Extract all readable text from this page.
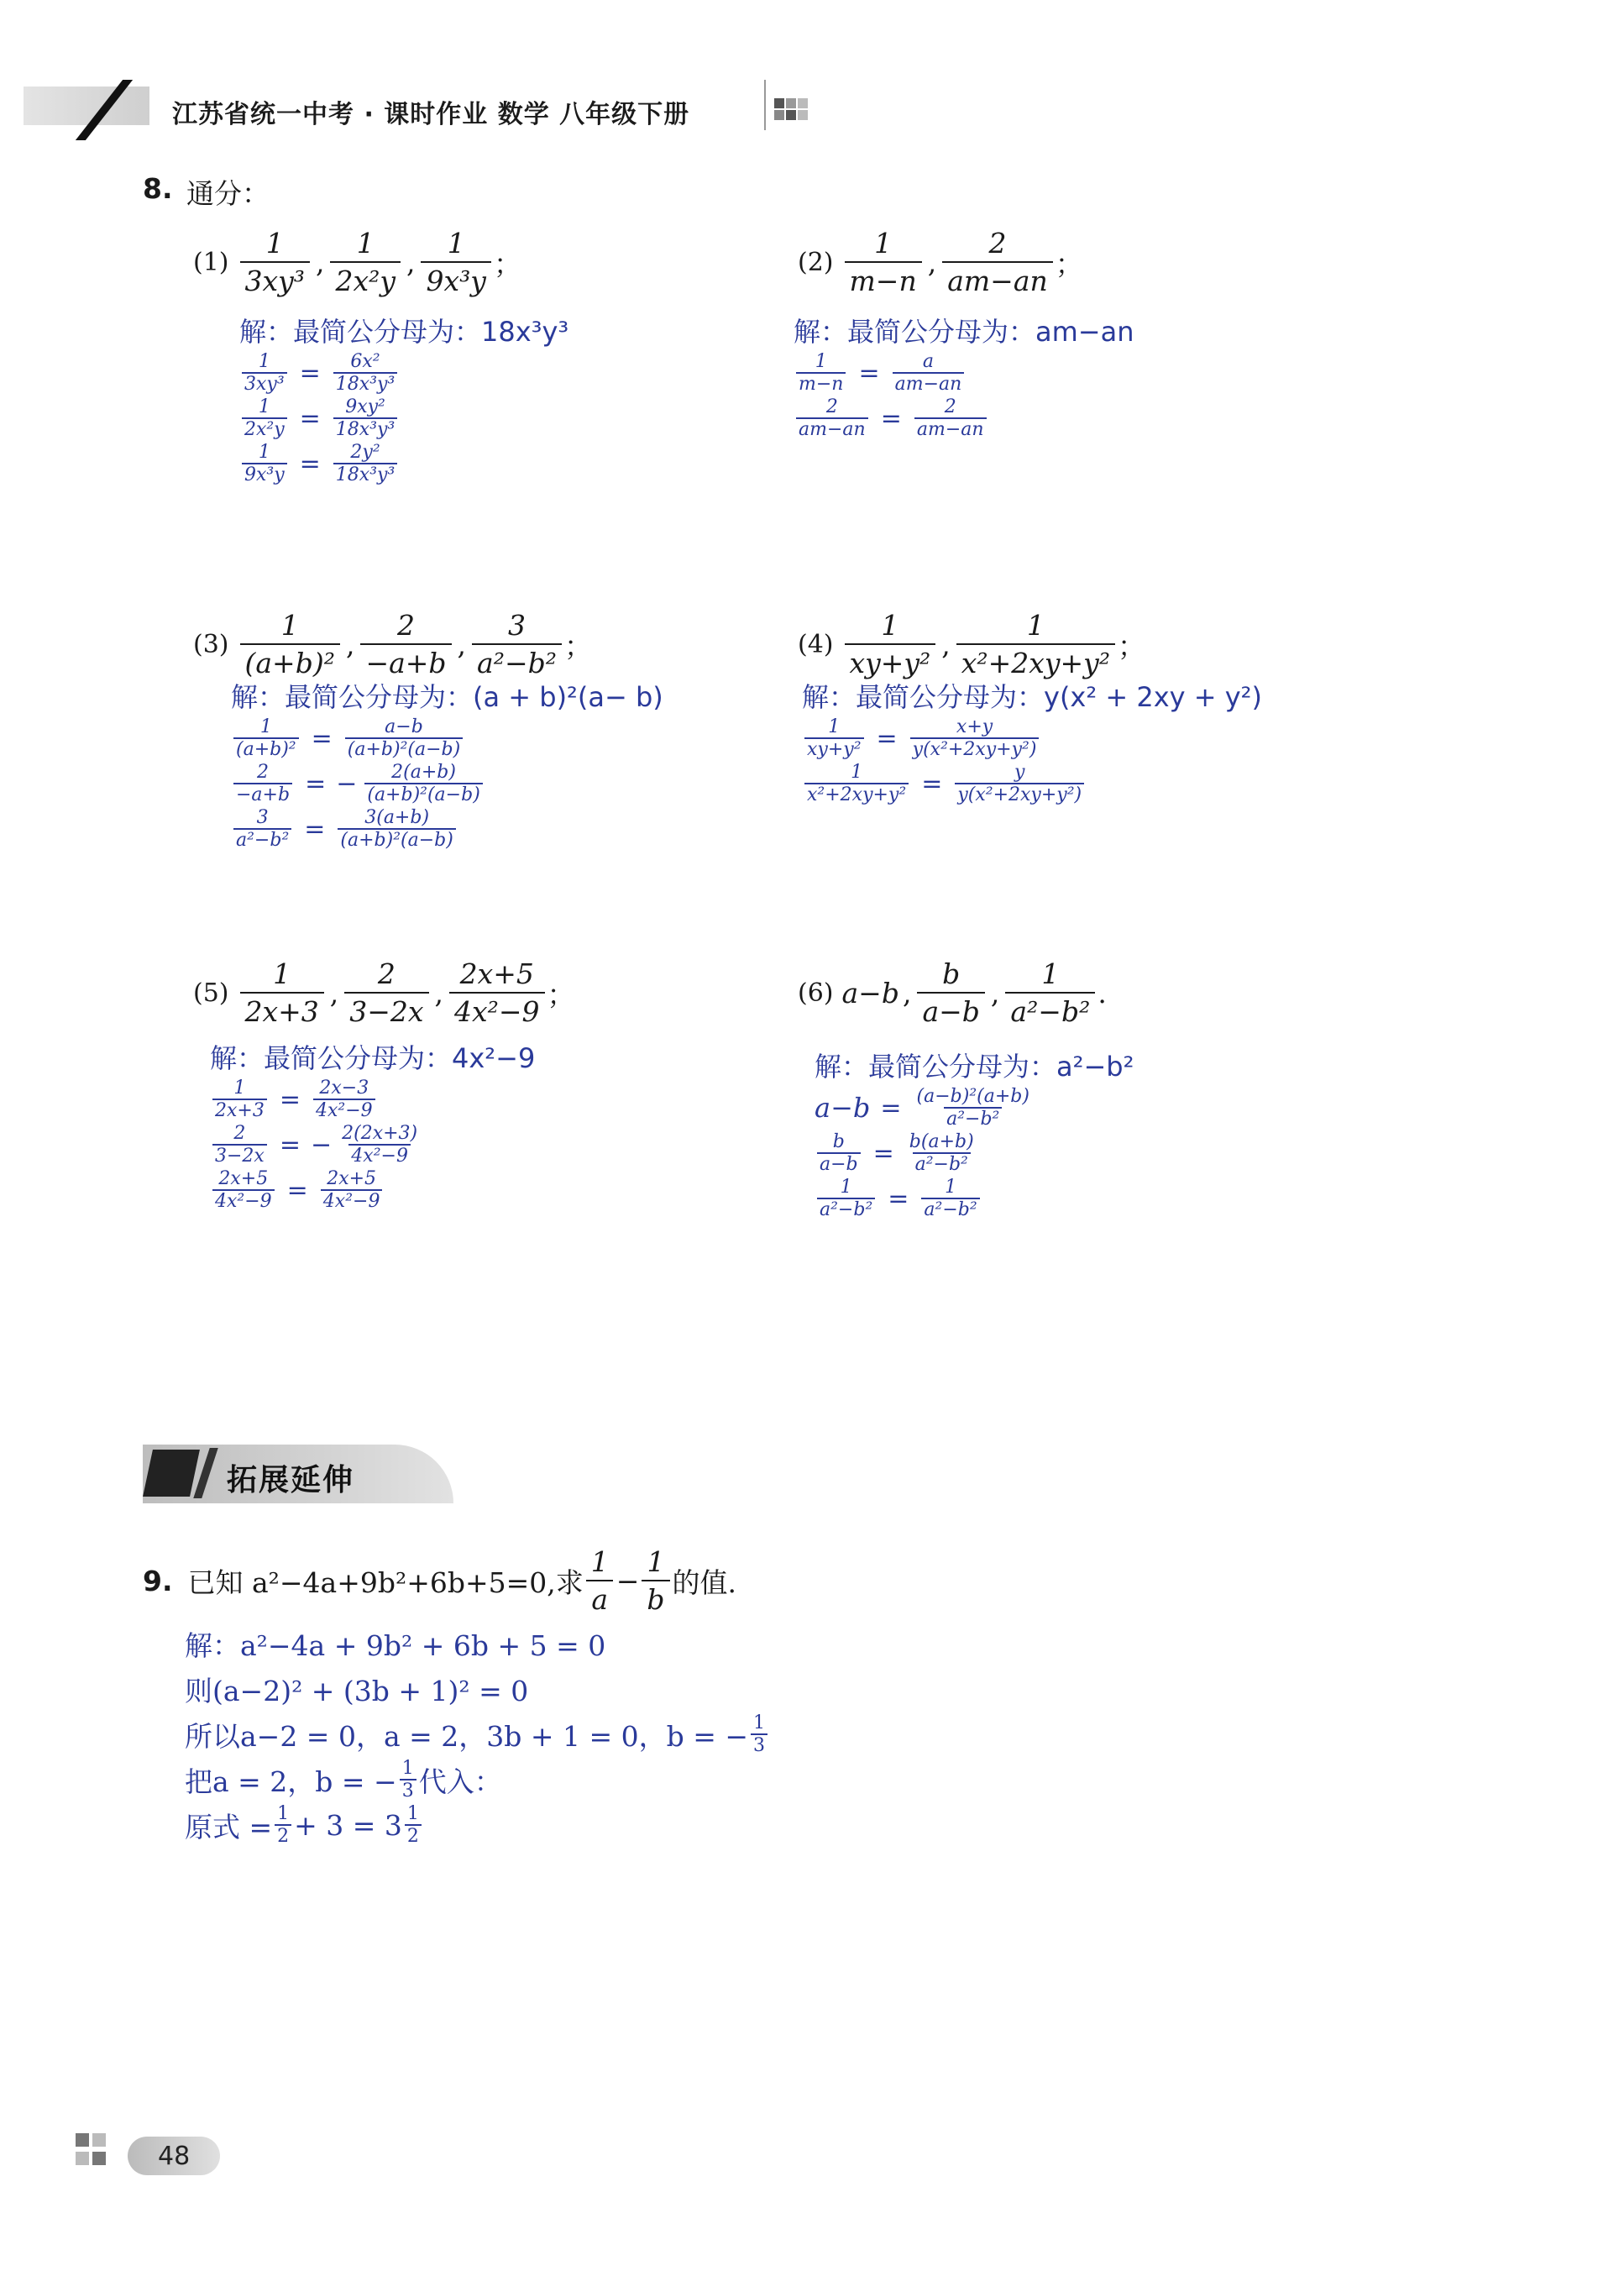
江苏省统一中考 · 课时作业 数学 八年级下册
8. 通分：
$(1) \frac{1}{\text{3xy³}}$ , $\frac{1}{\text{2x²y}}$ , $\frac{1}{\text{9x³y}}$ ；
解：最简公分母为：18x³y³
$\frac{1}{\text{3xy³}} = \frac{\text{6x²}}{\text{18x³y³}}$
$\frac{1}{\text{2x²y}} = \frac{\text{9xy²}}{\text{18x³y³}}$
$\frac{1}{\text{9x³y}} = \frac{\text{2y²}}{\text{18x³y³}}$
$(2) \frac{1}{m-n}$ , $\frac{2}{am-an}$ ；
解：最简公分母为：am−an
$\frac{1}{m-n} = \frac{a}{am-an}$
$\frac{2}{am-an} = \frac{2}{am-an}$
$(3) \frac{1}{\text{(a+b)²}}$ , $\frac{2}{-a+b}$ , $\frac{3}{\text{a²−b²}}$ ；
解：最简公分母为：(a + b)²(a− b)
$\frac{1}{\text{(a+b)²}} = \frac{a-b}{\text{(a+b)²(a−b)}}$
$\frac{2}{-a+b}$ = − $\frac{2(a+b)}{\text{(a+b)²(a−b)}}$
$\frac{3}{\text{a²−b²}} = \frac{3(a+b)}{\text{(a+b)²(a−b)}}$
$(4) \frac{1}{\text{xy+y²}}$ , $\frac{1}{\text{x²+2xy+y²}}$ ；
解：最简公分母为：y(x² + 2xy + y²)
$\frac{1}{\text{xy+y²}} = \frac{x+y}{\text{y(x²+2xy+y²)}}$
$\frac{1}{\text{x²+2xy+y²}} = \frac{y}{\text{y(x²+2xy+y²)}}$
$(5) \frac{1}{2x+3}$ , $\frac{2}{3-2x}$ , $\frac{2x+5}{\text{4x²−9}}$ ；
解：最简公分母为：4x²−9
$\frac{1}{2x+3} = \frac{2x-3}{\text{4x²−9}}$
$\frac{2}{3-2x}$ = − $\frac{2(2x+3)}{\text{4x²−9}}$
$\frac{2x+5}{\text{4x²−9}} = \frac{2x+5}{\text{4x²−9}}$
(6) a−b , $\frac{b}{a-b}$ , $\frac{1}{\text{a²−b²}}$ .
解：最简公分母为：a²−b²
$a-b = \frac{\text{(a−b)²(a+b)}}{\text{a²−b²}}$
$\frac{b}{a-b} = \frac{b(a+b)}{\text{a²−b²}}$
$\frac{1}{\text{a²−b²}} = \frac{1}{\text{a²−b²}}$
拓展延伸
9. 已知 a²−4a+9b²+6b+5=0,求 $\frac{1}{a} - \frac{1}{b}$ 的值.
解：a²−4a + 9b² + 6b + 5 = 0
则(a−2)² + (3b + 1)² = 0
所以a−2 = 0，a = 2，3b + 1 = 0，b = − $\frac{1}{3}$
把a = 2，b = − $\frac{1}{3}$ 代入：
原式 = $\frac{1}{2} + 3 = 3 \frac{1}{2}$
48
